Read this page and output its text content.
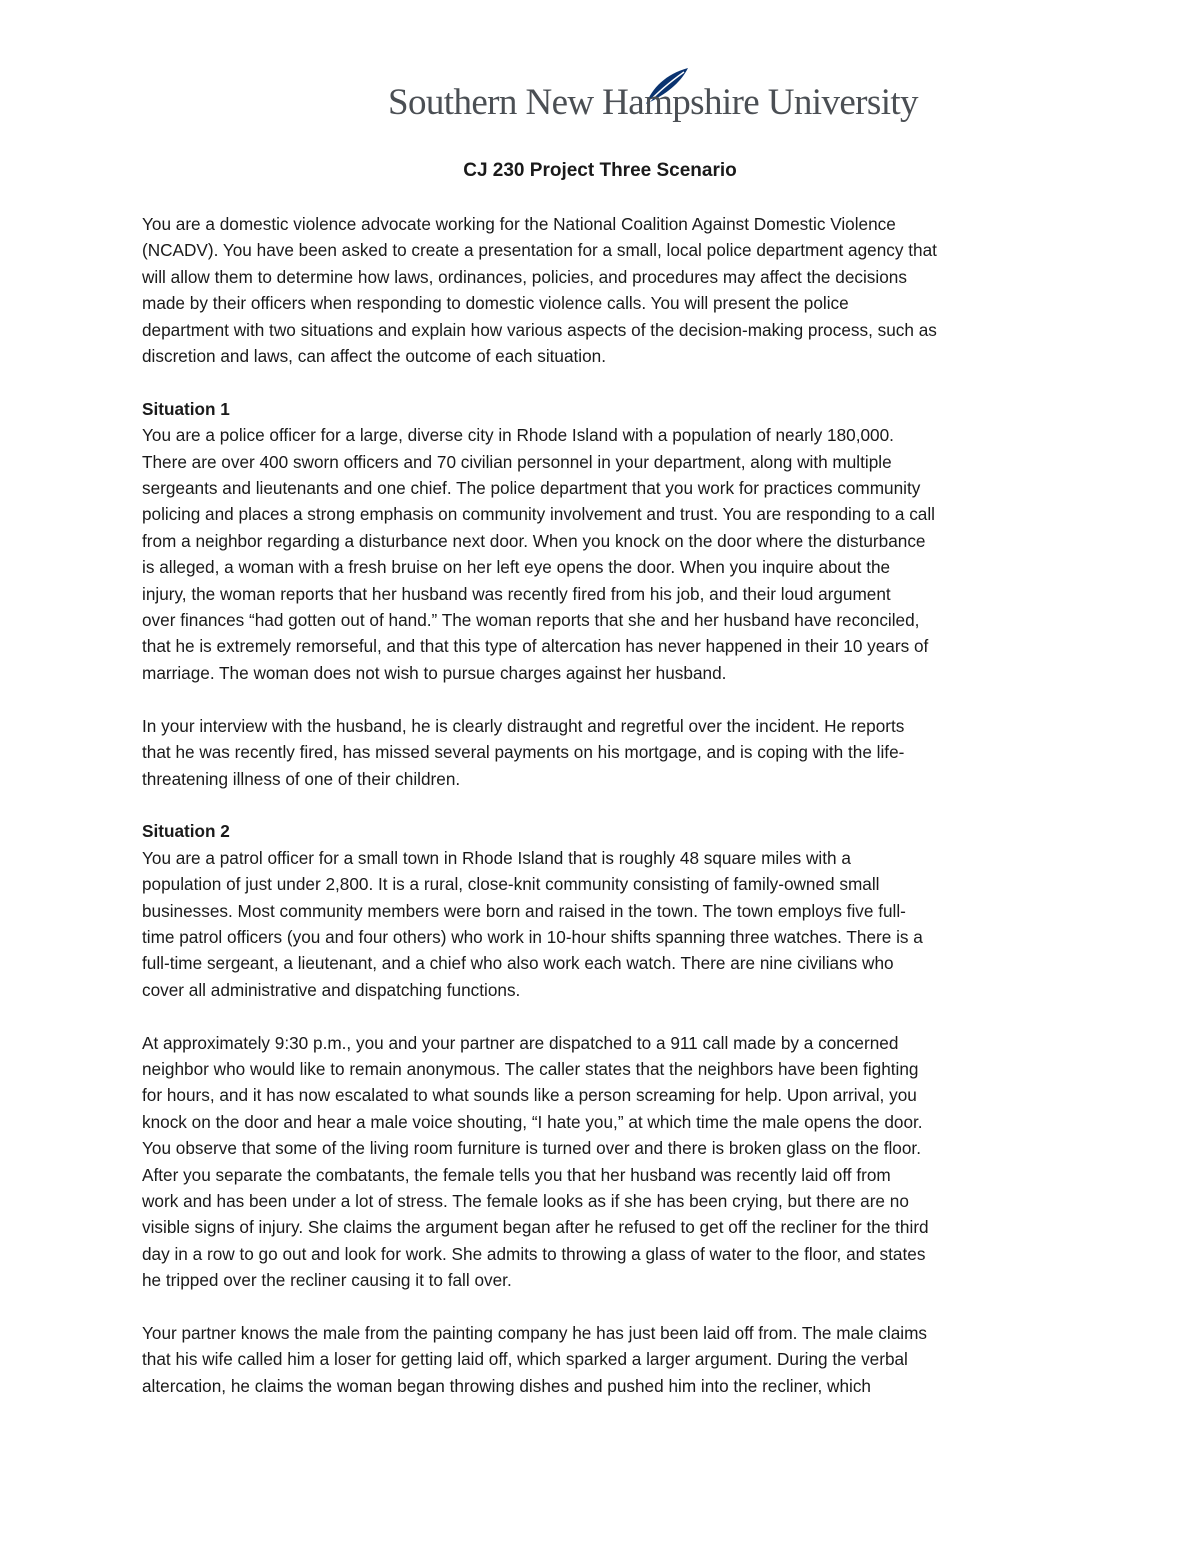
Southern New Hampshire University
CJ 230 Project Three Scenario

You are a domestic violence advocate working for the National Coalition Against Domestic Violence
(NCADV). You have been asked to create a presentation for a small, local police department agency that
will allow them to determine how laws, ordinances, policies, and procedures may affect the decisions
made by their officers when responding to domestic violence calls. You will present the police
department with two situations and explain how various aspects of the decision-making process, such as
discretion and laws, can affect the outcome of each situation.

Situation 1

You are a police officer for a large, diverse city in Rhode Island with a population of nearly 180,000.
There are over 400 sworn officers and 70 civilian personnel in your department, along with multiple
sergeants and lieutenants and one chief. The police department that you work for practices community
policing and places a strong emphasis on community involvement and trust. You are responding to a call
from a neighbor regarding a disturbance next door. When you knock on the door where the disturbance
is alleged, a woman with a fresh bruise on her left eye opens the door. When you inquire about the
injury, the woman reports that her husband was recently fired from his job, and their loud argument
over finances “had gotten out of hand.” The woman reports that she and her husband have reconciled,
that he is extremely remorseful, and that this type of altercation has never happened in their 10 years of
marriage. The woman does not wish to pursue charges against her husband.

In your interview with the husband, he is clearly distraught and regretful over the incident. He reports
that he was recently fired, has missed several payments on his mortgage, and is coping with the life-
threatening illness of one of their children.

Situation 2

You are a patrol officer for a small town in Rhode Island that is roughly 48 square miles with a
population of just under 2,800. It is a rural, close-knit community consisting of family-owned small
businesses. Most community members were born and raised in the town. The town employs five full-
time patrol officers (you and four others) who work in 10-hour shifts spanning three watches. There is a
full-time sergeant, a lieutenant, and a chief who also work each watch. There are nine civilians who
cover all administrative and dispatching functions.

At approximately 9:30 p.m., you and your partner are dispatched to a 911 call made by a concerned
neighbor who would like to remain anonymous. The caller states that the neighbors have been fighting
for hours, and it has now escalated to what sounds like a person screaming for help. Upon arrival, you
knock on the door and hear a male voice shouting, “I hate you,” at which time the male opens the door.
You observe that some of the living room furniture is turned over and there is broken glass on the floor.
After you separate the combatants, the female tells you that her husband was recently laid off from
work and has been under a lot of stress. The female looks as if she has been crying, but there are no
visible signs of injury. She claims the argument began after he refused to get off the recliner for the third
day in a row to go out and look for work. She admits to throwing a glass of water to the floor, and states
he tripped over the recliner causing it to fall over.

Your partner knows the male from the painting company he has just been laid off from. The male claims
that his wife called him a loser for getting laid off, which sparked a larger argument. During the verbal
altercation, he claims the woman began throwing dishes and pushed him into the recliner, which
